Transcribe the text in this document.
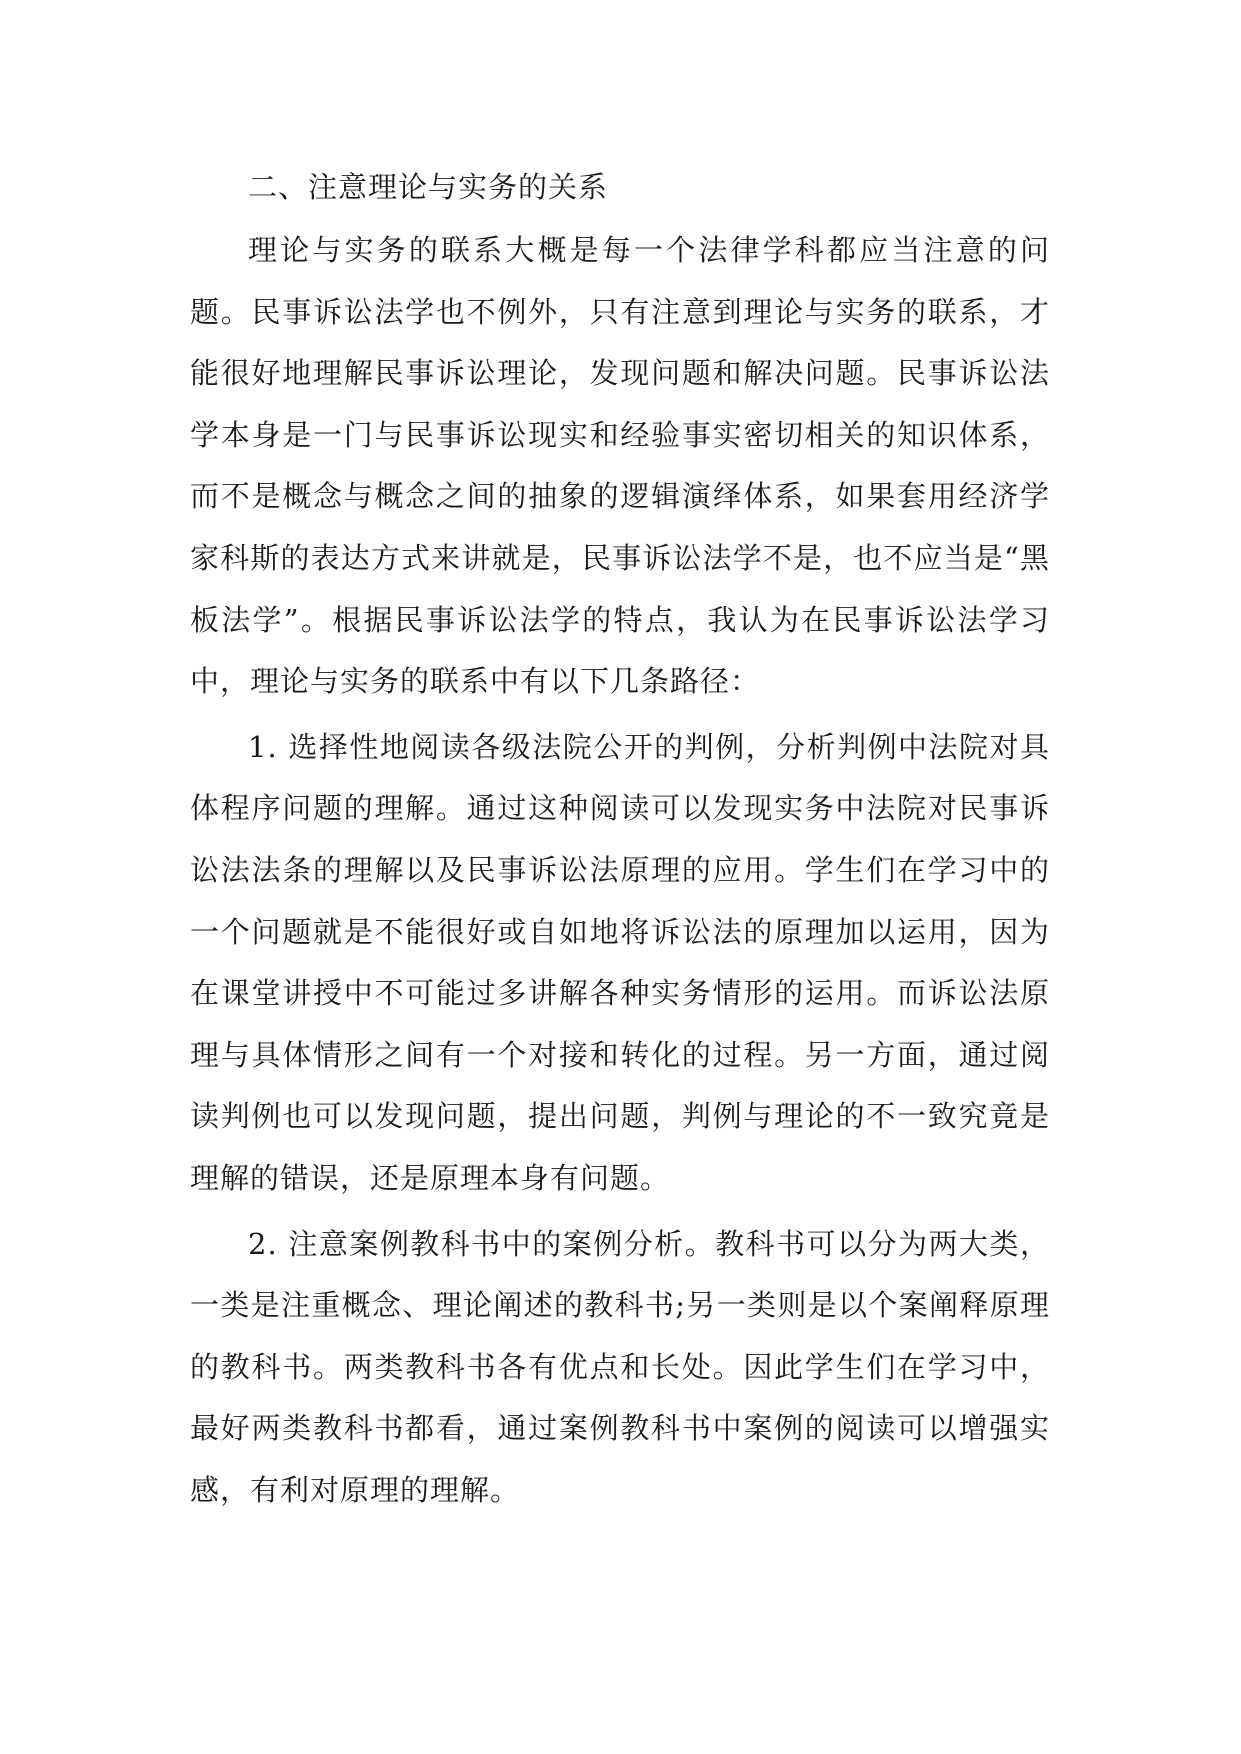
二、注意理论与实务的关系

理论与实务的联系大概是每一个法律学科都应当注意的问题。民事诉讼法学也不例外，只有注意到理论与实务的联系，才能很好地理解民事诉讼理论，发现问题和解决问题。民事诉讼法学本身是一门与民事诉讼现实和经验事实密切相关的知识体系，而不是概念与概念之间的抽象的逻辑演绎体系，如果套用经济学家科斯的表达方式来讲就是，民事诉讼法学不是，也不应当是“黑板法学”。根据民事诉讼法学的特点，我认为在民事诉讼法学习中，理论与实务的联系中有以下几条路径：

1. 选择性地阅读各级法院公开的判例，分析判例中法院对具体程序问题的理解。通过这种阅读可以发现实务中法院对民事诉讼法法条的理解以及民事诉讼法原理的应用。学生们在学习中的一个问题就是不能很好或自如地将诉讼法的原理加以运用，因为在课堂讲授中不可能过多讲解各种实务情形的运用。而诉讼法原理与具体情形之间有一个对接和转化的过程。另一方面，通过阅读判例也可以发现问题，提出问题，判例与理论的不一致究竟是理解的错误，还是原理本身有问题。

2. 注意案例教科书中的案例分析。教科书可以分为两大类，一类是注重概念、理论阐述的教科书;另一类则是以个案阐释原理的教科书。两类教科书各有优点和长处。因此学生们在学习中，最好两类教科书都看，通过案例教科书中案例的阅读可以增强实感，有利对原理的理解。
